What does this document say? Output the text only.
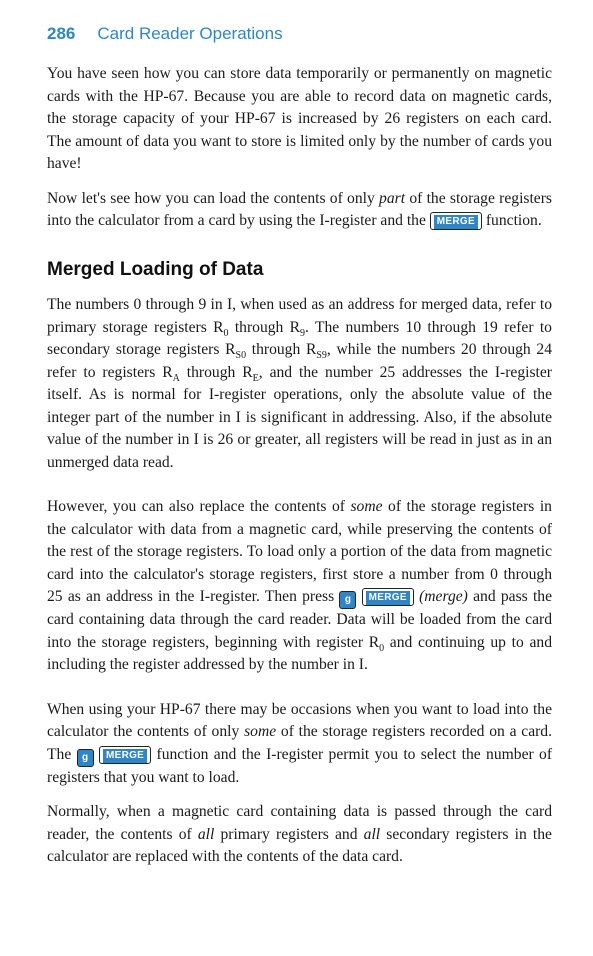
286 Card Reader Operations

You have seen how you can store data temporarily or permanently on magnetic cards with the HP-67. Because you are able to record data on magnetic cards, the storage capacity of your HP-67 is increased by 26 registers on each card. The amount of data you want to store is limited only by the number of cards you have!

Now let's see how you can load the contents of only part of the storage registers into the calculator from a card by using the I-register and the MERGE function.

Merged Loading of Data

The numbers 0 through 9 in I, when used as an address for merged data, refer to primary storage registers $R_0$ through $R_9$. The numbers 10 through 19 refer to secondary storage registers $R_{S0}$ through $R_{S9}$, while the numbers 20 through 24 refer to registers $R_A$ through $R_E$, and the number 25 addresses the I-register itself. As is normal for I-register operations, only the absolute value of the integer part of the number in I is significant in addressing. Also, if the absolute value of the number in I is 26 or greater, all registers will be read in just as in an unmerged data read.

However, you can also replace the contents of some of the storage registers in the calculator with data from a magnetic card, while preserving the contents of the rest of the storage registers. To load only a portion of the data from magnetic card into the calculator's storage registers, first store a number from 0 through 25 as an address in the I-register. Then press g MERGE (merge) and pass the card containing data through the card reader. Data will be loaded from the card into the storage registers, beginning with register $R_0$ and continuing up to and including the register addressed by the number in I.

When using your HP-67 there may be occasions when you want to load into the calculator the contents of only some of the storage registers recorded on a card. The g MERGE function and the I-register permit you to select the number of registers that you want to load.

Normally, when a magnetic card containing data is passed through the card reader, the contents of all primary registers and all secondary registers in the calculator are replaced with the contents of the data card.
